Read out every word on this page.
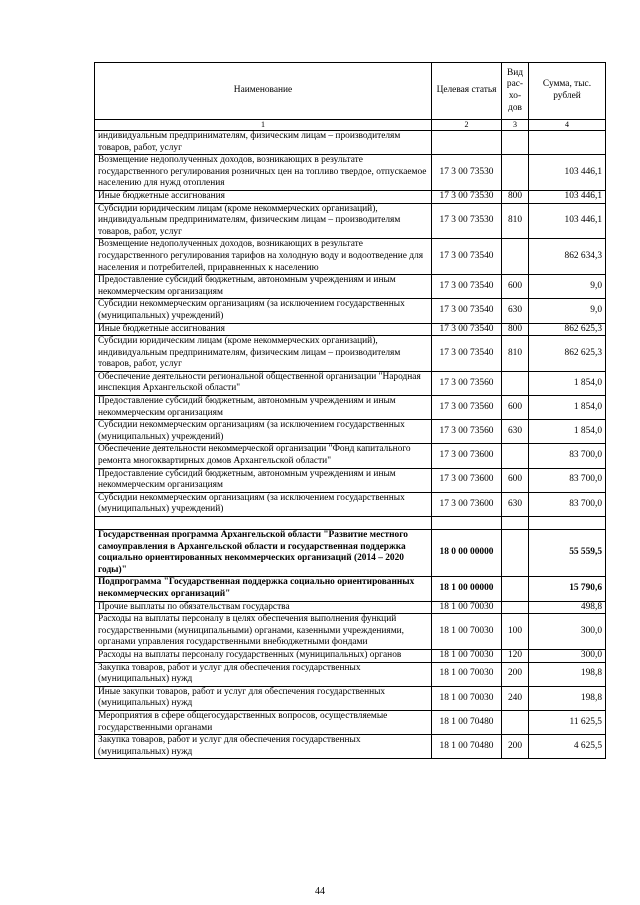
Наименование	Целевая статья	Вид рас-хо-дов	Сумма, тыс. рублей
1	2	3	4
индивидуальным предпринимателям, физическим лицам – производителям товаров, работ, услуг			
Возмещение недополученных доходов, возникающих в результате государственного регулирования розничных цен на топливо твердое, отпускаемое населению для нужд отопления	17 3 00 73530		103 446,1
Иные бюджетные ассигнования	17 3 00 73530	800	103 446,1
Субсидии юридическим лицам (кроме некоммерческих организаций), индивидуальным предпринимателям, физическим лицам – производителям товаров, работ, услуг	17 3 00 73530	810	103 446,1
Возмещение недополученных доходов, возникающих в результате государственного регулирования тарифов на холодную воду и водоотведение для населения и потребителей, приравненных к населению	17 3 00 73540		862 634,3
Предоставление субсидий бюджетным, автономным учреждениям и иным некоммерческим организациям	17 3 00 73540	600	9,0
Субсидии некоммерческим организациям (за исключением государственных (муниципальных) учреждений)	17 3 00 73540	630	9,0
Иные бюджетные ассигнования	17 3 00 73540	800	862 625,3
Субсидии юридическим лицам (кроме некоммерческих организаций), индивидуальным предпринимателям, физическим лицам – производителям товаров, работ, услуг	17 3 00 73540	810	862 625,3
Обеспечение деятельности региональной общественной организации "Народная инспекция Архангельской области"	17 3 00 73560		1 854,0
Предоставление субсидий бюджетным, автономным учреждениям и иным некоммерческим организациям	17 3 00 73560	600	1 854,0
Субсидии некоммерческим организациям (за исключением государственных (муниципальных) учреждений)	17 3 00 73560	630	1 854,0
Обеспечение деятельности некоммерческой организации "Фонд капитального ремонта многоквартирных домов Архангельской области"	17 3 00 73600		83 700,0
Предоставление субсидий бюджетным, автономным учреждениям и иным некоммерческим организациям	17 3 00 73600	600	83 700,0
Субсидии некоммерческим организациям (за исключением государственных (муниципальных) учреждений)	17 3 00 73600	630	83 700,0

Государственная программа Архангельской области "Развитие местного самоуправления в Архангельской области и государственная поддержка социально ориентированных некоммерческих организаций (2014 – 2020 годы)"	18 0 00 00000		55 559,5
Подпрограмма "Государственная поддержка социально ориентированных некоммерческих организаций"	18 1 00 00000		15 790,6
Прочие выплаты по обязательствам государства	18 1 00 70030		498,8
Расходы на выплаты персоналу в целях обеспечения выполнения функций государственными (муниципальными) органами, казенными учреждениями, органами управления государственными внебюджетными фондами	18 1 00 70030	100	300,0
Расходы на выплаты персоналу государственных (муниципальных) органов	18 1 00 70030	120	300,0
Закупка товаров, работ и услуг для обеспечения государственных (муниципальных) нужд	18 1 00 70030	200	198,8
Иные закупки товаров, работ и услуг для обеспечения государственных (муниципальных) нужд	18 1 00 70030	240	198,8
Мероприятия в сфере общегосударственных вопросов, осуществляемые государственными органами	18 1 00 70480		11 625,5
Закупка товаров, работ и услуг для обеспечения государственных (муниципальных) нужд	18 1 00 70480	200	4 625,5
44
